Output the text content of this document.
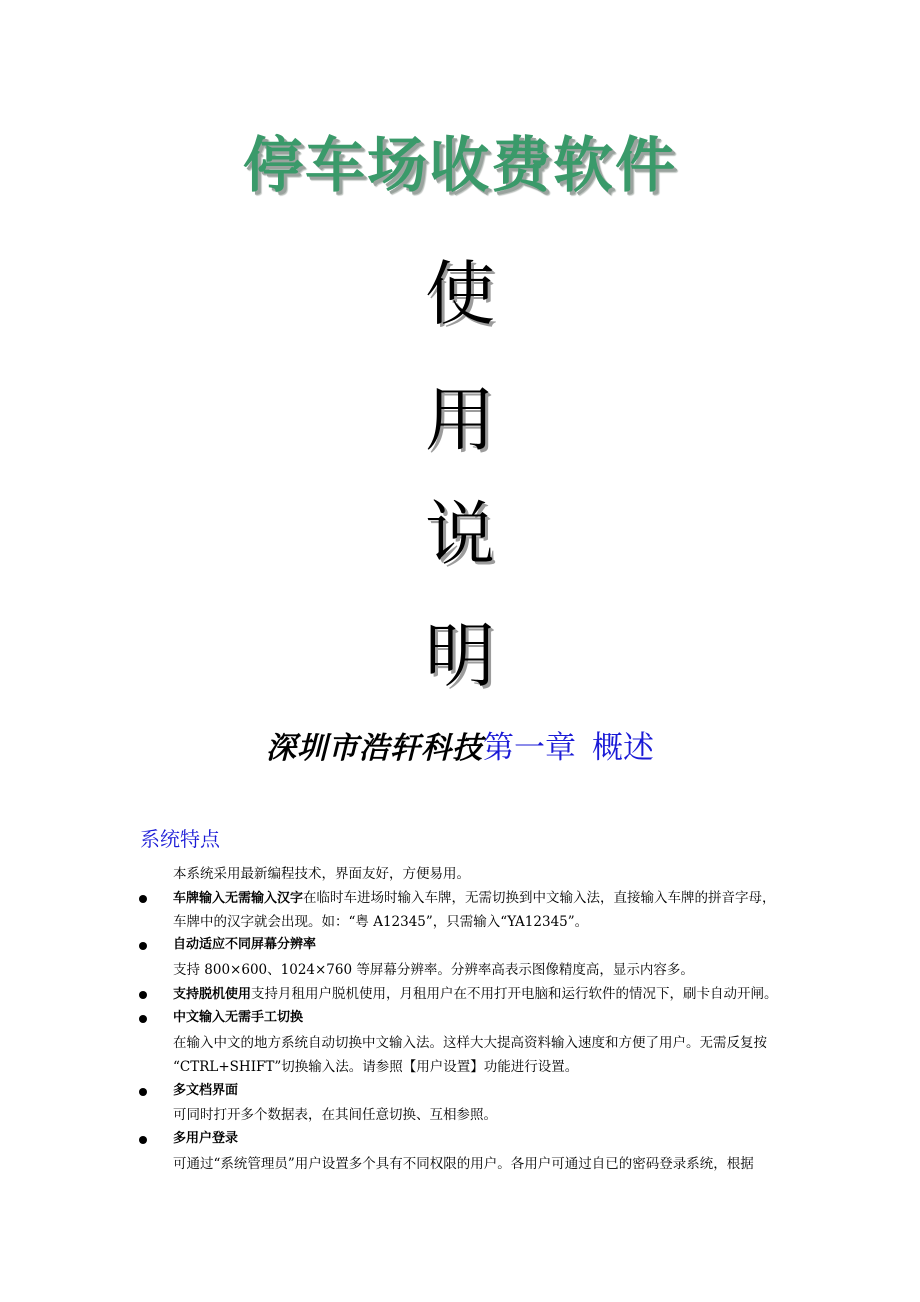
停车场收费软件
使
用
说
明
深圳市浩轩科技第一章 概述
系统特点
本系统采用最新编程技术，界面友好，方便易用。
车牌输入无需输入汉字在临时车进场时输入车牌，无需切换到中文输入法，直接输入车牌的拼音字母，
车牌中的汉字就会出现。如：“粤 A12345”，只需输入“YA12345”。
自动适应不同屏幕分辨率
支持 800×600、1024×760 等屏幕分辨率。分辨率高表示图像精度高，显示内容多。
支持脱机使用支持月租用户脱机使用，月租用户在不用打开电脑和运行软件的情况下，刷卡自动开闸。
中文输入无需手工切换
在输入中文的地方系统自动切换中文输入法。这样大大提高资料输入速度和方便了用户。无需反复按
“CTRL+SHIFT”切换输入法。请参照【用户设置】功能进行设置。
多文档界面
可同时打开多个数据表，在其间任意切换、互相参照。
多用户登录
可通过“系统管理员”用户设置多个具有不同权限的用户。各用户可通过自已的密码登录系统，根据
